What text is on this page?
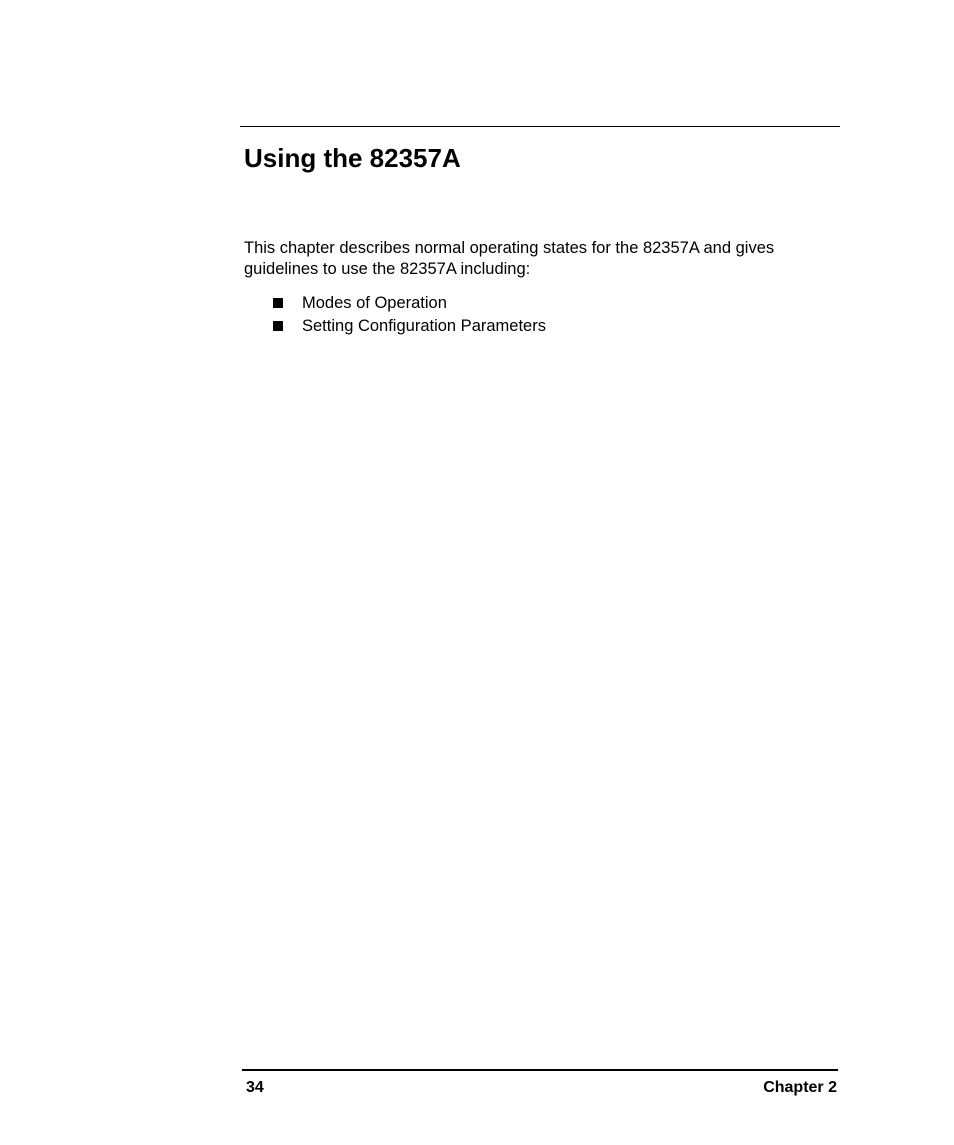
Using the 82357A

This chapter describes normal operating states for the 82357A and gives guidelines to use the 82357A including:

Modes of Operation
Setting Configuration Parameters
34	Chapter 2
